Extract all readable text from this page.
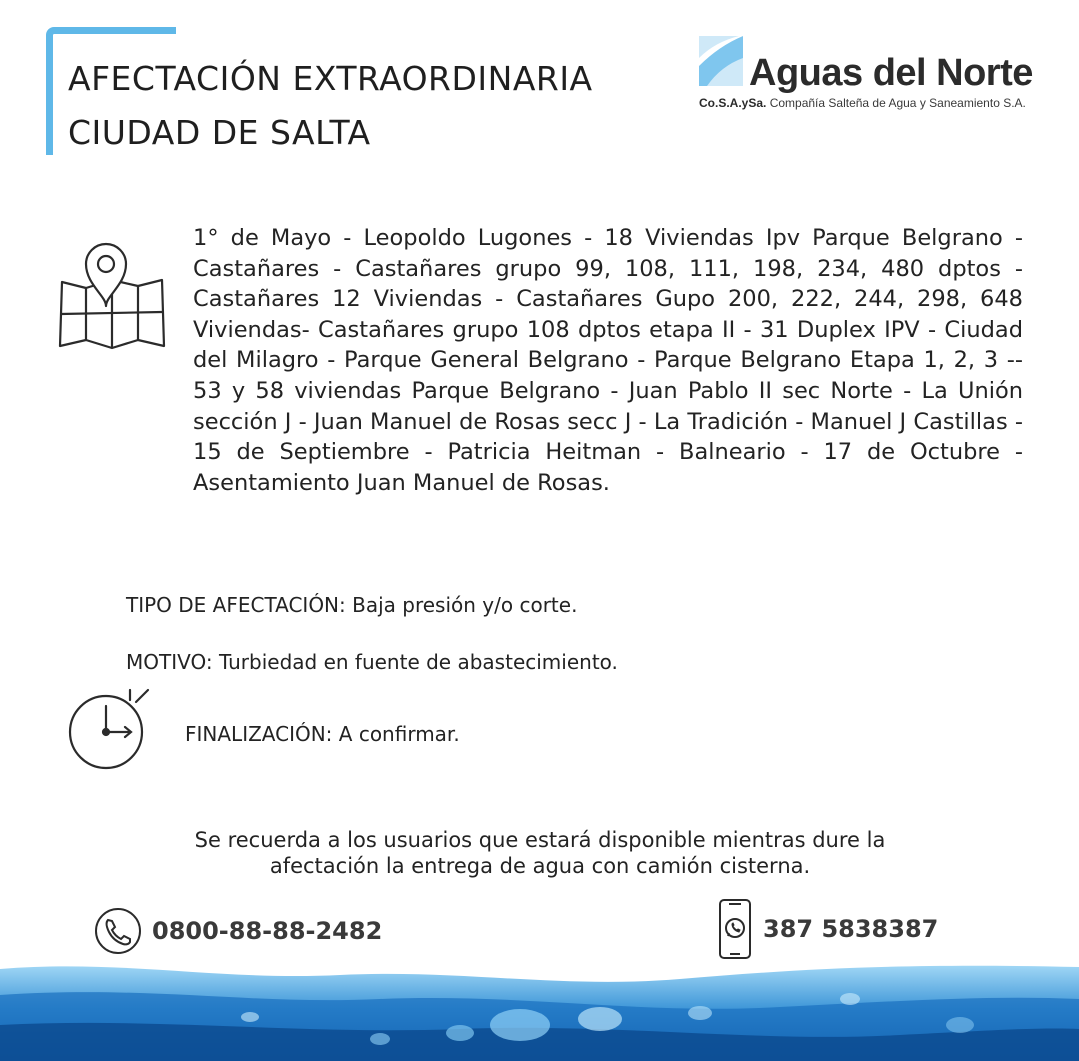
AFECTACIÓN EXTRAORDINARIA
CIUDAD DE SALTA
Aguas del Norte
Co.S.A.ySa. Compañía Salteña de Agua y Saneamiento S.A.
1° de Mayo - Leopoldo Lugones - 18 Viviendas Ipv Parque Belgrano - Castañares - Castañares grupo 99, 108, 111, 198, 234, 480 dptos - Castañares 12 Viviendas - Castañares Gupo 200, 222, 244, 298, 648 Viviendas- Castañares grupo 108 dptos etapa II - 31 Duplex IPV - Ciudad del Milagro - Parque General Belgrano - Parque Belgrano Etapa 1, 2, 3 -- 53 y 58 viviendas Parque Belgrano - Juan Pablo II sec Norte - La Unión sección J - Juan Manuel de Rosas secc J - La Tradición - Manuel J Castillas - 15 de Septiembre - Patricia Heitman - Balneario - 17 de Octubre - Asentamiento Juan Manuel de Rosas.
TIPO DE AFECTACIÓN: Baja presión y/o corte.
MOTIVO: Turbiedad en fuente de abastecimiento.
FINALIZACIÓN: A confirmar.
Se recuerda a los usuarios que estará disponible mientras dure la
afectación la entrega de agua con camión cisterna.
0800-88-88-2482	387 5838387
